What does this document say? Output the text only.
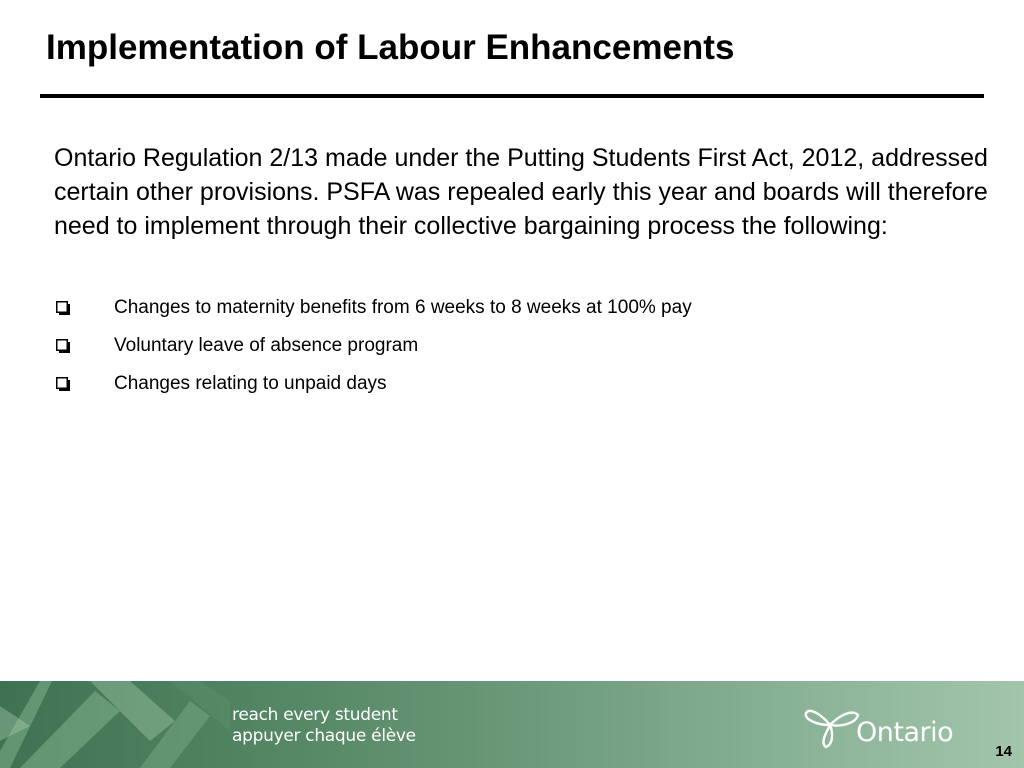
Implementation of Labour Enhancements

Ontario Regulation 2/13 made under the Putting Students First Act, 2012, addressed certain other provisions. PSFA was repealed early this year and boards will therefore need to implement through their collective bargaining process the following:

Changes to maternity benefits from 6 weeks to 8 weeks at 100% pay
Voluntary leave of absence program
Changes relating to unpaid days
reach every student
appuyer chaque élève	Ontario
14
